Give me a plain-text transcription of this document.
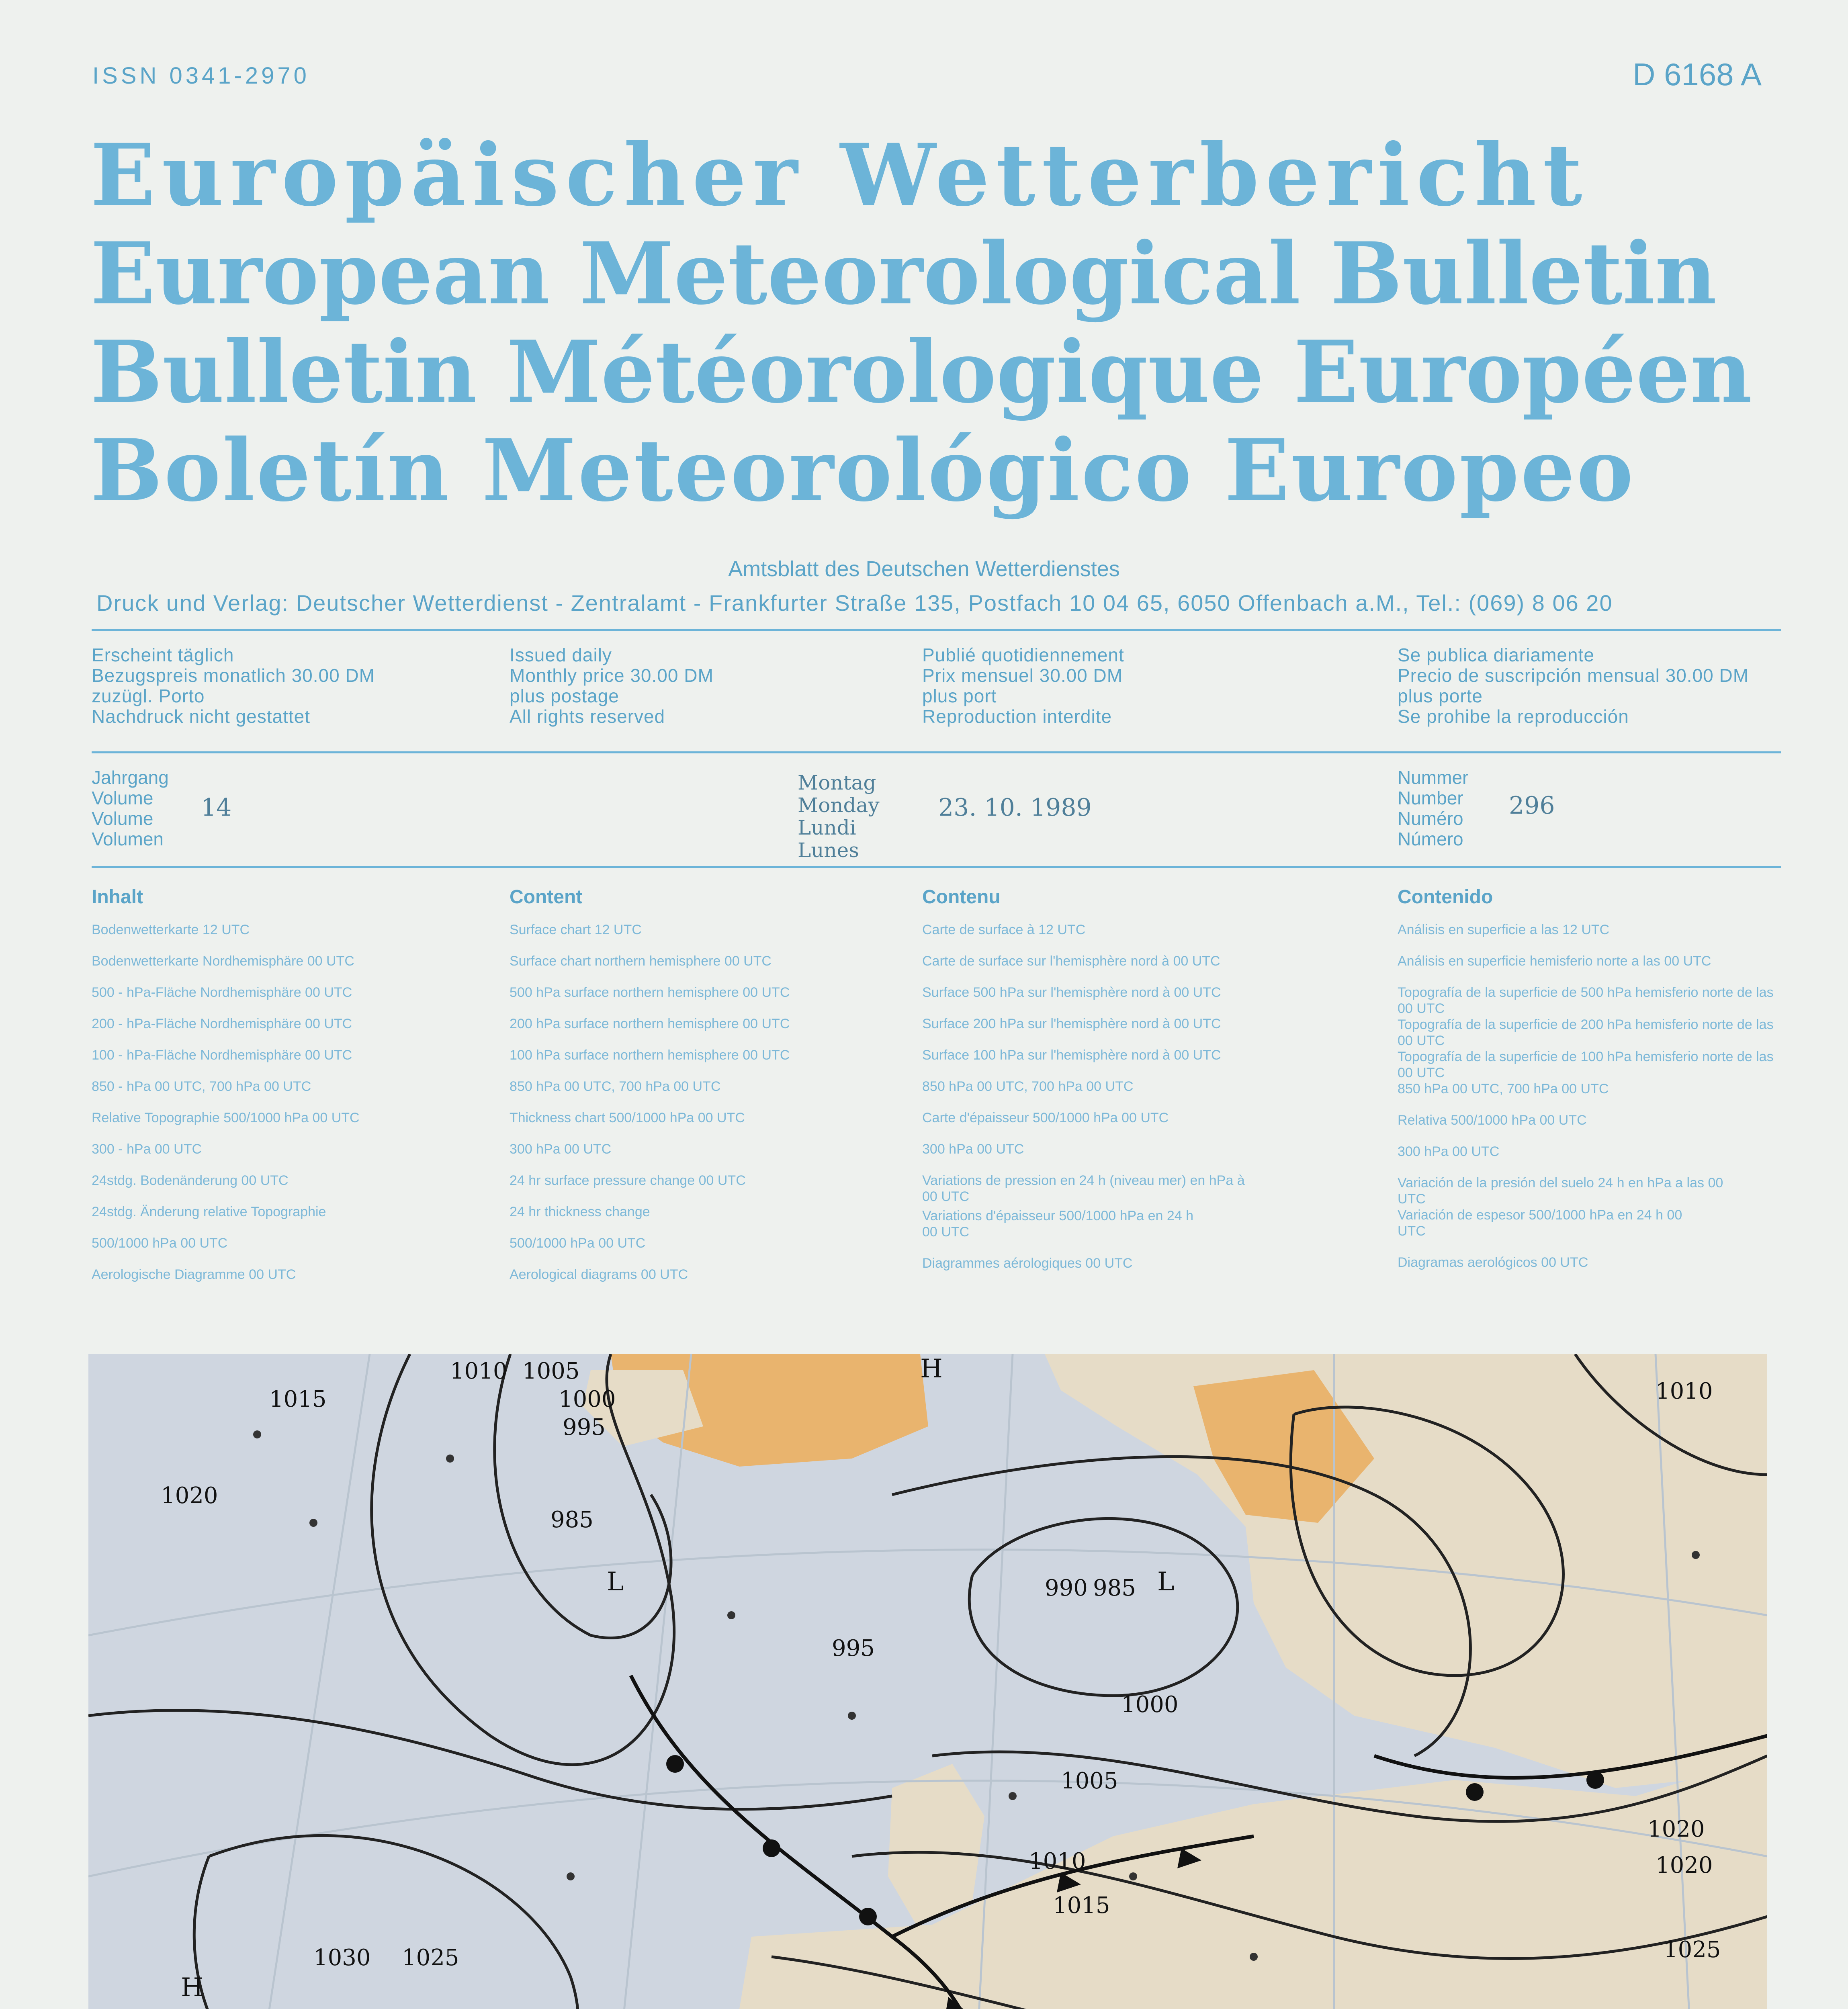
ISSN 0341-2970	D 6168 A
Europäischer Wetterbericht
European Meteorological Bulletin
Bulletin Météorologique Européen
Boletín Meteorológico Europeo
Amtsblatt des Deutschen Wetterdienstes
Druck und Verlag: Deutscher Wetterdienst - Zentralamt - Frankfurter Straße 135, Postfach 10 04 65, 6050 Offenbach a.M., Tel.: (069) 8 06 20
Erscheint täglich
Bezugspreis monatlich 30.00 DM
zuzügl. Porto
Nachdruck nicht gestattet
Issued daily
Monthly price 30.00 DM
plus postage
All rights reserved
Publié quotidiennement
Prix mensuel 30.00 DM
plus port
Reproduction interdite
Se publica diariamente
Precio de suscripción mensual 30.00 DM
plus porte
Se prohibe la reproducción
Jahrgang
Volume
Volume
Volumen
14
Montag
Monday
Lundi
Lunes
23. 10. 1989
Nummer
Number
Numéro
Número
296
Inhalt
Bodenwetterkarte 12 UTC
Bodenwetterkarte Nordhemisphäre 00 UTC
500 - hPa-Fläche Nordhemisphäre 00 UTC
200 - hPa-Fläche Nordhemisphäre 00 UTC
100 - hPa-Fläche Nordhemisphäre 00 UTC
850 - hPa 00 UTC, 700 hPa 00 UTC
Relative Topographie 500/1000 hPa 00 UTC
300 - hPa 00 UTC
24stdg. Bodenänderung 00 UTC
24stdg. Änderung relative Topographie
500/1000 hPa 00 UTC
Aerologische Diagramme 00 UTC
Content
Surface chart 12 UTC
Surface chart northern hemisphere 00 UTC
500 hPa surface northern hemisphere 00 UTC
200 hPa surface northern hemisphere 00 UTC
100 hPa surface northern hemisphere 00 UTC
850 hPa 00 UTC, 700 hPa 00 UTC
Thickness chart 500/1000 hPa 00 UTC
300 hPa 00 UTC
24 hr surface pressure change 00 UTC
24 hr thickness change
500/1000 hPa 00 UTC
Aerological diagrams 00 UTC
Contenu
Carte de surface à 12 UTC
Carte de surface sur l'hemisphère nord à 00 UTC
Surface 500 hPa sur l'hemisphère nord à 00 UTC
Surface 200 hPa sur l'hemisphère nord à 00 UTC
Surface 100 hPa sur l'hemisphère nord à 00 UTC
850 hPa 00 UTC, 700 hPa 00 UTC
Carte d'épaisseur 500/1000 hPa 00 UTC
300 hPa 00 UTC
Variations de pression en 24 h (niveau mer) en hPa à 00 UTC
Variations d'épaisseur 500/1000 hPa en 24 h 00 UTC
Diagrammes aérologiques 00 UTC
Contenido
Análisis en superficie a las 12 UTC
Análisis en superficie hemisferio norte a las 00 UTC
Topografía de la superficie de 500 hPa hemisferio norte de las 00 UTC
Topografía de la superficie de 200 hPa hemisferio norte de las 00 UTC
Topografía de la superficie de 100 hPa hemisferio norte de las 00 UTC
850 hPa 00 UTC, 700 hPa 00 UTC
Relativa 500/1000 hPa 00 UTC
300 hPa 00 UTC
Variación de la presión del suelo 24 h en hPa a las 00 UTC
Variación de espesor 500/1000 hPa en 24 h 00 UTC
Diagramas aerológicos 00 UTC
1010 1005
1000
995
985
1015
1020
1025
1030
990 985
995
1000
1005
1010
1015
1020
1025
1020
1010
H
L
H
L
